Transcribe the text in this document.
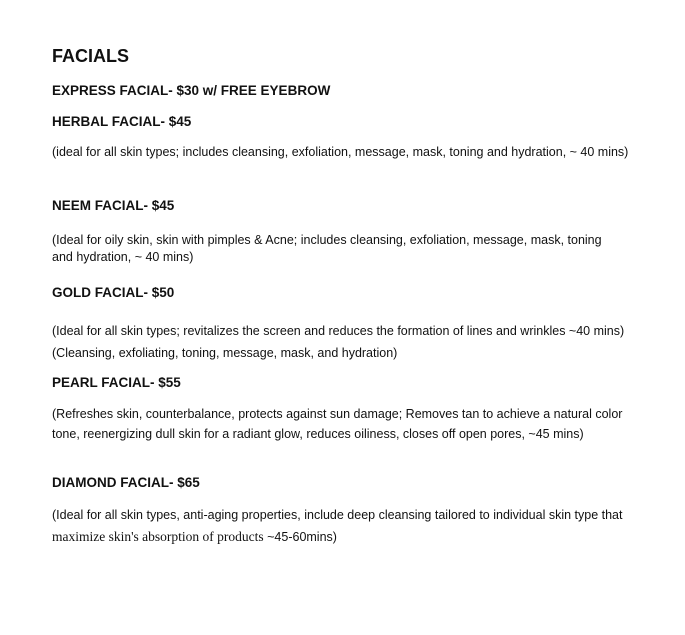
FACIALS
EXPRESS FACIAL- $30 w/ FREE EYEBROW
HERBAL FACIAL- $45
(ideal for all skin types; includes cleansing, exfoliation, message, mask, toning and hydration, ~ 40 mins)
NEEM FACIAL- $45
(Ideal for oily skin, skin with pimples & Acne; includes cleansing, exfoliation, message, mask, toning and hydration, ~ 40 mins)
GOLD FACIAL- $50
(Ideal for all skin types; revitalizes the screen and reduces the formation of lines and wrinkles ~40 mins) (Cleansing, exfoliating, toning, message, mask, and hydration)
PEARL FACIAL- $55
(Refreshes skin, counterbalance, protects against sun damage; Removes tan to achieve a natural color tone, reenergizing dull skin for a radiant glow, reduces oiliness, closes off open pores, ~45 mins)
DIAMOND FACIAL- $65
(Ideal for all skin types, anti-aging properties, include deep cleansing tailored to individual skin type that maximize skin's absorption of products ~45-60mins)
